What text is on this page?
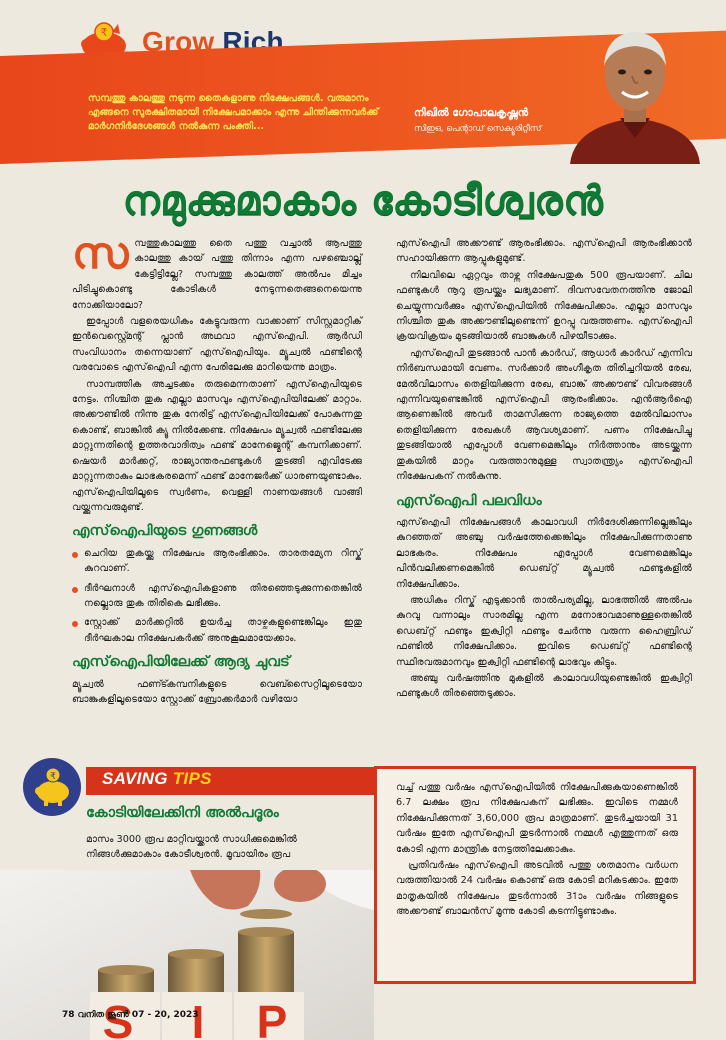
₹ Grow Rich
സമ്പത്തു കാലത്തു നടുന്ന തൈകളാണു നിക്ഷേപങ്ങൾ. വരുമാനം എങ്ങനെ സുരക്ഷിതമായി നിക്ഷേപമാക്കാം എന്നു ചിന്തിക്കുന്നവർക്ക് മാർഗനിർദേശങ്ങൾ നൽകുന്ന പംക്തി...
നിഖിൽ ഗോപാലകൃഷ്ണൻ
സിഇഒ, പെന്റാഡ് സെക്യൂരിറ്റീസ്
നമുക്കുമാകാം കോടീശ്വരൻ

സമ്പത്തുകാലത്തു തൈ പത്തു വച്ചാൽ ആപത്തു കാലത്തു കായ് പത്തു തിന്നാം എന്ന പഴഞ്ചൊല്ല് കേട്ടിട്ടില്ലേ? സമ്പത്തു കാലത്ത് അൽപം മിച്ചം പിടിച്ചുകൊണ്ടു കോടികൾ നേടുന്നതെങ്ങനെയെന്നു നോക്കിയാലോ?

ഇപ്പോൾ വളരെയധികം കേട്ടുവരുന്ന വാക്കാണ് സിസ്റ്റമാറ്റിക് ഇൻവെസ്റ്റ്മെന്റ് പ്ലാൻ അഥവാ എസ്ഐപി. ആർഡി സംവിധാനം തന്നെയാണ് എസ്ഐപിയും. മ്യൂച്വൽ ഫണ്ടിന്റെ വരവോടെ എസ്ഐപി എന്ന പേരിലേക്കു മാറിയെന്നു മാത്രം.

സാമ്പത്തിക അച്ചടക്കം തരുമെന്നതാണ് എസ്ഐപിയുടെ നേട്ടം. നിശ്ചിത തുക എല്ലാ മാസവും എസ്ഐപിയിലേക്ക് മാറ്റാം. അക്കൗണ്ടിൽ നിന്നു തുക നേരിട്ട് എസ്ഐപിയിലേക്ക് പോകുന്നതു കൊണ്ട്, ബാങ്കിൽ ക്യൂ നിൽക്കേണ്ട. നിക്ഷേപം മ്യൂച്വൽ ഫണ്ടിലേക്കു മാറ്റുന്നതിന്റെ ഉത്തരവാദിത്വം ഫണ്ട് മാനേജ്മെന്റ് കമ്പനിക്കാണ്. ഷെയർ മാർക്കറ്റ്, രാജ്യാന്തരഫണ്ടുകൾ തുടങ്ങി എവിടേക്കു മാറ്റുന്നതാകും ലാഭകരമെന്ന് ഫണ്ട് മാനേജർക്ക് ധാരണയുണ്ടാകും. എസ്ഐപിയിലൂടെ സ്വർണം, വെള്ളി നാണയങ്ങൾ വാങ്ങി വയ്ക്കുന്നവരുമുണ്ട്.

എസ്ഐപിയുടെ ഗുണങ്ങൾ
ചെറിയ തുകയ്ക്കു നിക്ഷേപം ആരംഭിക്കാം. താരതമ്യേന റിസ്ക് കുറവാണ്.
ദീർഘനാൾ എസ്ഐപികളാണു തിരഞ്ഞെടുക്കുന്നതെങ്കിൽ നല്ലൊരു തുക തിരികെ ലഭിക്കും.
സ്റ്റോക്ക് മാർക്കറ്റിൽ ഉയർച്ച താഴ്ചകളുണ്ടെങ്കിലും ഇതു ദീർഘകാല നിക്ഷേപകർക്ക് അനുകൂലമായേക്കാം.
എസ്ഐപിയിലേക്ക് ആദ്യ ചുവട്

മ്യൂച്വൽ ഫണ്ട്കമ്പനികളുടെ വെബ്സൈറ്റിലൂടെയോ ബാങ്കുകളിലൂടെയോ സ്റ്റോക്ക് ബ്രോക്കർമാർ വഴിയോ

എസ്ഐപി അക്കൗണ്ട് ആരംഭിക്കാം. എസ്ഐപി ആരംഭിക്കാൻ സഹായിക്കുന്ന ആപ്പുകളുമുണ്ട്.

നിലവിലെ ഏറ്റവും താഴ്ന്ന നിക്ഷേപതുക 500 രൂപയാണ്. ചില ഫണ്ടുകൾ നൂറു രൂപയ്ക്കും ലഭ്യമാണ്. ദിവസവേതനത്തിനു ജോലി ചെയ്യുന്നവർക്കും എസ്ഐപിയിൽ നിക്ഷേപിക്കാം. എല്ലാ മാസവും നിശ്ചിത തുക അക്കൗണ്ടിലുണ്ടെന്ന് ഉറപ്പു വരുത്തണം. എസ്ഐപി ക്രയവിക്രയം മുടങ്ങിയാൽ ബാങ്കുകൾ പിഴയീടാക്കും.

എസ്ഐപി തുടങ്ങാൻ പാൻ കാർഡ്, ആധാർ കാർഡ് എന്നിവ നിർബന്ധമായി വേണം. സർക്കാർ അംഗീകൃത തിരിച്ചറിയൽ രേഖ, മേൽവിലാസം തെളിയിക്കുന്ന രേഖ, ബാങ്ക് അക്കൗണ്ട് വിവരങ്ങൾ എന്നിവയുണ്ടെങ്കിൽ എസ്ഐപി ആരംഭിക്കാം. എൻആർഐ ആണെങ്കിൽ അവർ താമസിക്കുന്ന രാജ്യത്തെ മേൽവിലാസം തെളിയിക്കുന്ന രേഖകൾ ആവശ്യമാണ്. പണം നിക്ഷേപിച്ചു തുടങ്ങിയാൽ എപ്പോൾ വേണമെങ്കിലും നിർത്താനും അടയ്ക്കുന്ന തുകയിൽ മാറ്റം വരുത്താനുമുള്ള സ്വാതന്ത്ര്യം എസ്ഐപി നിക്ഷേപകന് നൽകുന്നു.

എസ്ഐപി പലവിധം

എസ്ഐപി നിക്ഷേപങ്ങൾ കാലാവധി നിർദേശിക്കുന്നില്ലെങ്കിലും കുറഞ്ഞത് അഞ്ചു വർഷത്തേക്കെങ്കിലും നിക്ഷേപിക്കുന്നതാണു ലാഭകരം. നിക്ഷേപം എപ്പോൾ വേണമെങ്കിലും പിൻവലിക്കണമെങ്കിൽ ഡെബ്റ്റ് മ്യൂച്വൽ ഫണ്ടുകളിൽ നിക്ഷേപിക്കാം.

അധികം റിസ്ക് എടുക്കാൻ താൽപര്യമില്ല, ലാഭത്തിൽ അൽപം കുറവു വന്നാലും സാരമില്ല എന്ന മനോഭാവമാണുള്ളതെങ്കിൽ ഡെബ്റ്റ് ഫണ്ടും ഇക്വിറ്റി ഫണ്ടും ചേർന്നു വരുന്ന ഹൈബ്രിഡ് ഫണ്ടിൽ നിക്ഷേപിക്കാം. ഇവിടെ ഡെബ്റ്റ് ഫണ്ടിന്റെ സ്ഥിരവരുമാനവും ഇക്വിറ്റി ഫണ്ടിന്റെ ലാഭവും കിട്ടും.

അഞ്ചു വർഷത്തിനു മുകളിൽ കാലാവധിയുണ്ടെങ്കിൽ ഇക്വിറ്റി ഫണ്ടുകൾ തിരഞ്ഞെടുക്കാം.

₹	SAVING TIPS
കോടിയിലേക്കിനി അൽപദൂരം
മാസം 3000 രൂപ മാറ്റിവയ്ക്കാൻ സാധിക്കുമെങ്കിൽ നിങ്ങൾക്കുമാകാം കോടീശ്വരൻ. മൂവായിരം രൂപ

വച്ച് പത്തു വർഷം എസ്ഐപിയിൽ നിക്ഷേപിക്കുകയാണെങ്കിൽ 6.7 ലക്ഷം രൂപ നിക്ഷേപകന് ലഭിക്കും. ഇവിടെ നമ്മൾ നിക്ഷേപിക്കുന്നത് 3,60,000 രൂപ മാത്രമാണ്. തുടർച്ചയായി 31 വർഷം ഇതേ എസ്ഐപി തുടർന്നാൽ നമ്മൾ എത്തുന്നത് ഒരു കോടി എന്ന മാന്ത്രിക നേട്ടത്തിലേക്കാകും.

പ്രതിവർഷം എസ്ഐപി അടവിൽ പത്തു ശതമാനം വർധന വരുത്തിയാൽ 24 വർഷം കൊണ്ട് ഒരു കോടി മറികടക്കാം. ഇതേ മാതൃകയിൽ നിക്ഷേപം തുടർന്നാൽ 31ാം വർഷം നിങ്ങളുടെ അക്കൗണ്ട് ബാലൻസ് മൂന്നു കോടി കടന്നിട്ടുണ്ടാകും.

S I P
78 വനിത ജൂൺ 07 - 20, 2023
